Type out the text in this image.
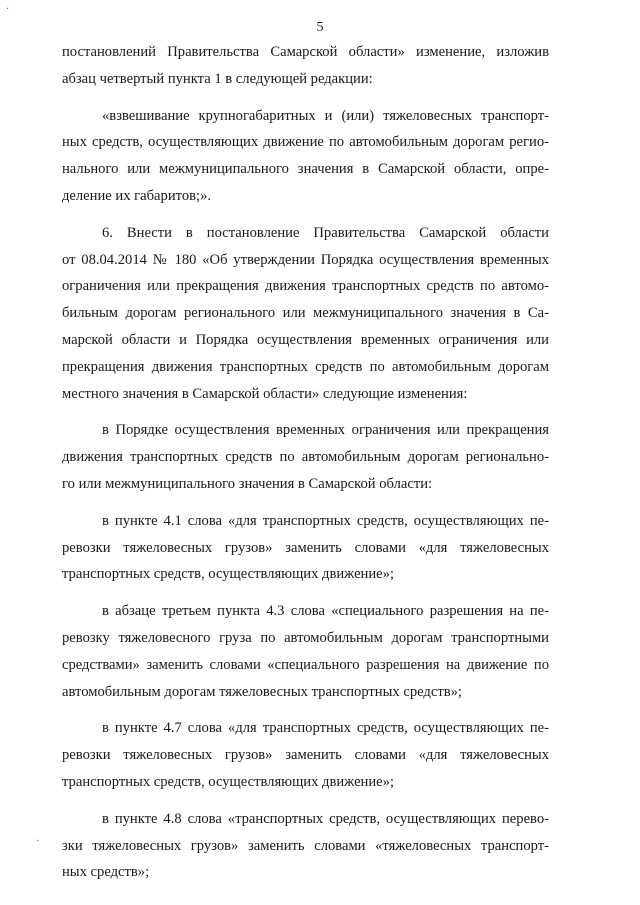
·
5
постановлений Правительства Самарской области» изменение, изложив
абзац четвертый пункта 1 в следующей редакции:
«взвешивание крупногабаритных и (или) тяжеловесных транспорт-
ных средств, осуществляющих движение по автомобильным дорогам регио-
нального или межмуниципального значения в Самарской области, опре-
деление их габаритов;».
6. Внести в постановление Правительства Самарской области
от 08.04.2014 № 180 «Об утверждении Порядка осуществления временных
ограничения или прекращения движения транспортных средств по автомо-
бильным дорогам регионального или межмуниципального значения в Са-
марской области и Порядка осуществления временных ограничения или
прекращения движения транспортных средств по автомобильным дорогам
местного значения в Самарской области» следующие изменения:
в Порядке осуществления временных ограничения или прекращения
движения транспортных средств по автомобильным дорогам регионально-
го или межмуниципального значения в Самарской области:
в пункте 4.1 слова «для транспортных средств, осуществляющих пе-
ревозки тяжеловесных грузов» заменить словами «для тяжеловесных
транспортных средств, осуществляющих движение»;
в абзаце третьем пункта 4.3 слова «специального разрешения на пе-
ревозку тяжеловесного груза по автомобильным дорогам транспортными
средствами» заменить словами «специального разрешения на движение по
автомобильным дорогам тяжеловесных транспортных средств»;
в пункте 4.7 слова «для транспортных средств, осуществляющих пе-
ревозки тяжеловесных грузов» заменить словами «для тяжеловесных
транспортных средств, осуществляющих движение»;
в пункте 4.8 слова «транспортных средств, осуществляющих перево-
зки тяжеловесных грузов» заменить словами «тяжеловесных транспорт-
ных средств»;
·
